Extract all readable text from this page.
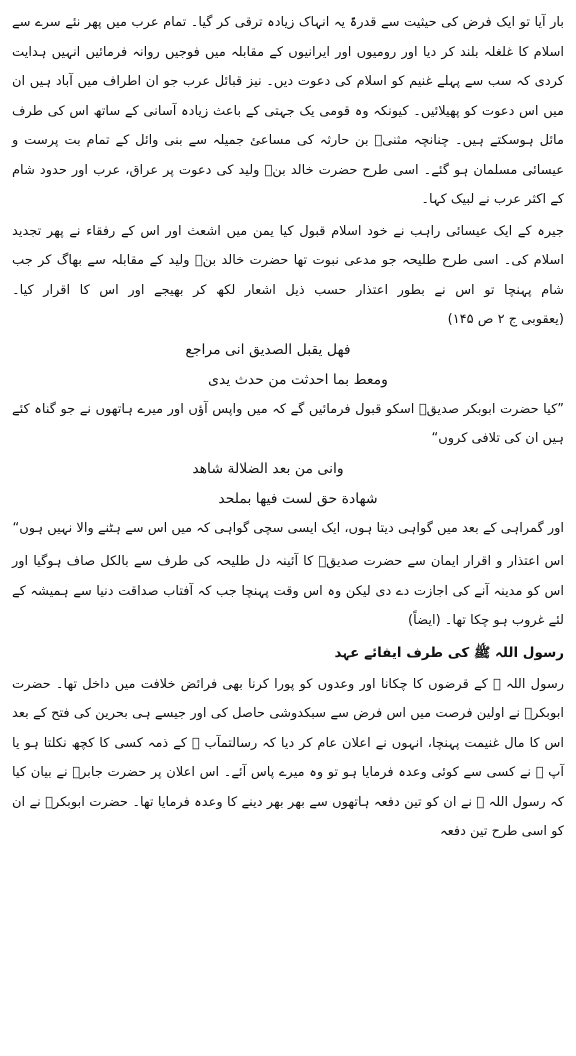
بار آیا تو ایک فرض کی حیثیت سے قدرۃً یہ انہاک زیادہ ترقی کر گیا۔ تمام عرب میں پھر نئے سرے سے اسلام کا غلغلہ بلند کر دیا اور رومیوں اور ایرانیوں کے مقابلہ میں فوجیں روانہ فرمائیں انہیں ہدایت کردی کہ سب سے پہلے غنیم کو اسلام کی دعوت دیں۔ نیز قبائل عرب جو ان اطراف میں آباد ہیں ان میں اس دعوت کو پھیلائیں۔ کیونکہ وہ قومی یک جہتی کے باعث زیادہ آسانی کے ساتھ اس کی طرف مائل ہوسکتے ہیں۔ چنانچہ مثنیؓ بن حارثہ کی مساعئ جمیلہ سے بنی وائل کے تمام بت پرست و عیسائی مسلمان ہو گئے۔ اسی طرح حضرت خالد بنؓ ولید کی دعوت پر عراق، عرب اور حدود شام کے اکثر عرب نے لبیک کہا۔

جیرہ کے ایک عیسائی راہب نے خود اسلام قبول کیا یمن میں اشعث اور اس کے رفقاء نے پھر تجدید اسلام کی۔ اسی طرح طلیحہ جو مدعی نبوت تھا حضرت خالد بنؓ ولید کے مقابلہ سے بھاگ کر جب شام پہنچا تو اس نے بطور اعتذار حسب ذیل اشعار لکھ کر بھیجے اور اس کا اقرار کیا۔ (یعقوبی ج ۲ ص ۱۴۵)

فهل يقبل الصديق انى مراجع

ومعط بما احدثت من حدث يدى

”کیا حضرت ابوبکر صدیقؓ اسکو قبول فرمائیں گے کہ میں واپس آؤں اور میرے ہاتھوں نے جو گناہ کئے ہیں ان کی تلافی کروں“

وانى من بعد الضلالة شاهد

شهادة حق لست فيها بملحد

اور گمراہی کے بعد میں گواہی دیتا ہوں، ایک ایسی سچی گواہی کہ میں اس سے ہٹنے والا نہیں ہوں“

اس اعتذار و اقرار ایمان سے حضرت صدیقؓ کا آئینہ دل طلیحہ کی طرف سے بالکل صاف ہوگیا اور اس کو مدینہ آنے کی اجازت دے دی لیکن وہ اس وقت پہنچا جب کہ آفتاب صداقت دنیا سے ہمیشہ کے لئے غروب ہو چکا تھا۔ (ایضاً)

رسول اللہ ﷺ کی طرف ایفائے عہد

رسول اللہ ﷺ کے قرضوں کا چکانا اور وعدوں کو پورا کرنا بھی فرائض خلافت میں داخل تھا۔ حضرت ابوبکرؓ نے اولین فرصت میں اس فرض سے سبکدوشی حاصل کی اور جیسے ہی بحرین کی فتح کے بعد اس کا مال غنیمت پہنچا، انہوں نے اعلان عام کر دیا کہ رسالتمآب ﷺ کے ذمہ کسی کا کچھ نکلتا ہو یا آپ ﷺ نے کسی سے کوئی وعدہ فرمایا ہو تو وہ میرے پاس آئے۔ اس اعلان پر حضرت جابرؓ نے بیان کیا کہ رسول اللہ ﷺ نے ان کو تین دفعہ ہاتھوں سے بھر بھر دینے کا وعدہ فرمایا تھا۔ حضرت ابوبکرؓ نے ان کو اسی طرح تین دفعہ
